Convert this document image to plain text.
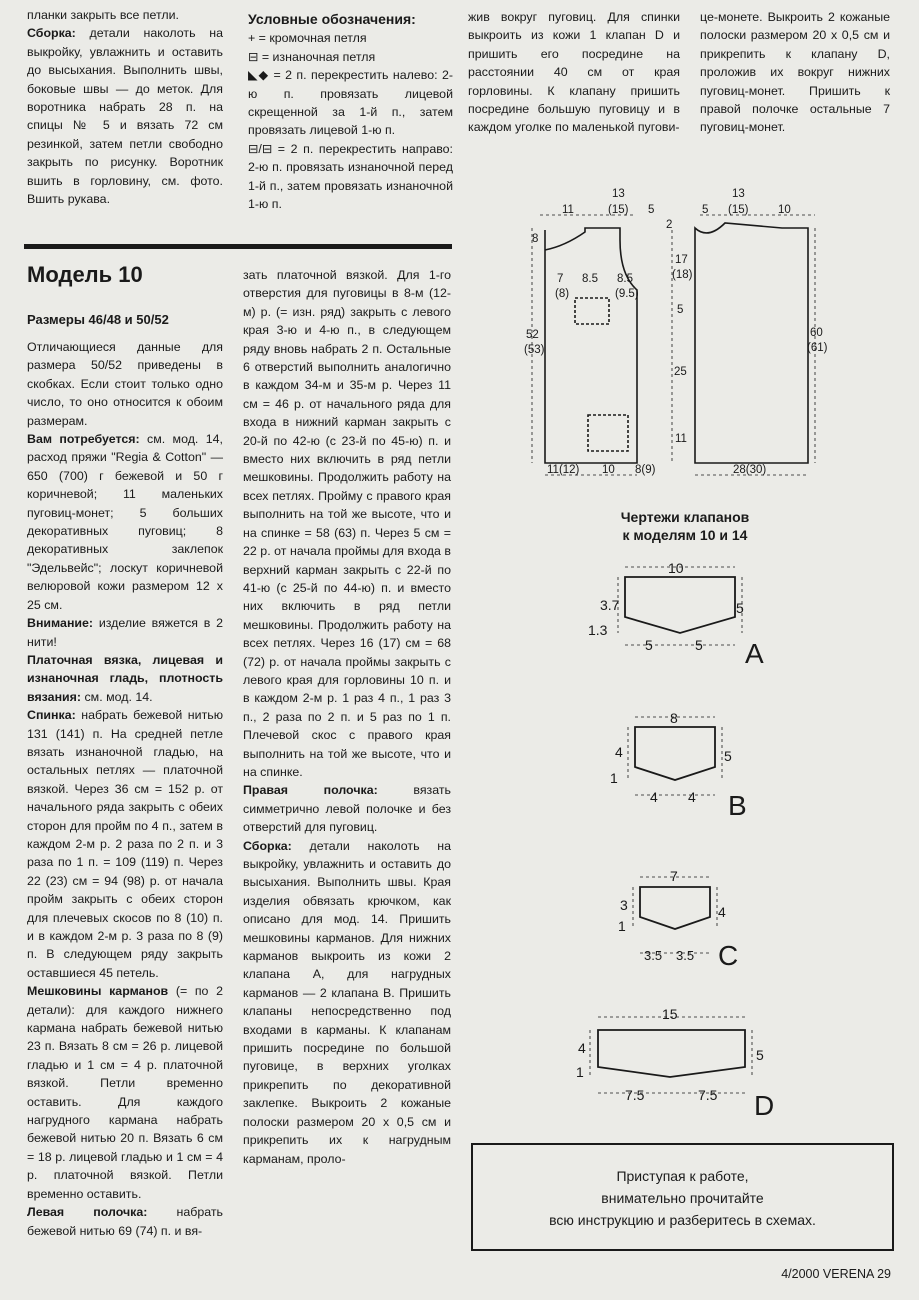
планки закрыть все петли.

Сборка: детали наколоть на выкройку, увлажнить и оставить до высыхания. Выполнить швы, боковые швы — до меток. Для воротника набрать 28 п. на спицы № 5 и вязать 72 см резинкой, затем петли свободно закрыть по рисунку. Воротник вшить в горловину, см. фото. Вшить рукава.

Условные обозначения:

+ = кромочная петля

⊟ = изнаночная петля

◣◆ = 2 п. перекрестить налево: 2-ю п. провязать лицевой скрещенной за 1-й п., затем провязать лицевой 1-ю п.

⊟/⊟ = 2 п. перекрестить направо: 2-ю п. провязать изнаночной перед 1-й п., затем провязать изнаночной 1-ю п.

жив вокруг пуговиц. Для спинки выкроить из кожи 1 клапан D и пришить его посредине на расстоянии 40 см от края горловины. К клапану пришить посредине большую пуговицу и в каждом уголке по маленькой пугови-

це-монете. Выкроить 2 кожаные полоски размером 20 х 0,5 см и прикрепить к клапану D, проложив их вокруг нижних пуговиц-монет. Пришить к правой полочке остальные 7 пуговиц-монет.

Модель 10
Размеры 46/48 и 50/52

Отличающиеся данные для размера 50/52 приведены в скобках. Если стоит только одно число, то оно относится к обоим размерам.

Вам потребуется: см. мод. 14, расход пряжи "Regia & Cotton" — 650 (700) г бежевой и 50 г коричневой; 11 маленьких пуговиц-монет; 5 больших декоративных пуговиц; 8 декоративных заклепок "Эдельвейс"; лоскут коричневой велюровой кожи размером 12 х 25 см.

Внимание: изделие вяжется в 2 нити!

Платочная вязка, лицевая и изнаночная гладь, плотность вязания: см. мод. 14.

Спинка: набрать бежевой нитью 131 (141) п. На средней петле вязать изнаночной гладью, на остальных петлях — платочной вязкой. Через 36 см = 152 р. от начального ряда закрыть с обеих сторон для пройм по 4 п., затем в каждом 2-м р. 2 раза по 2 п. и 3 раза по 1 п. = 109 (119) п. Через 22 (23) см = 94 (98) р. от начала пройм закрыть с обеих сторон для плечевых скосов по 8 (10) п. и в каждом 2-м р. 3 раза по 8 (9) п. В следующем ряду закрыть оставшиеся 45 петель.

Мешковины карманов (= по 2 детали): для каждого нижнего кармана набрать бежевой нитью 23 п. Вязать 8 см = 26 р. лицевой гладью и 1 см = 4 р. платочной вязкой. Петли временно оставить. Для каждого нагрудного кармана набрать бежевой нитью 20 п. Вязать 6 см = 18 р. лицевой гладью и 1 см = 4 р. платочной вязкой. Петли временно оставить.

Левая полочка: набрать бежевой нитью 69 (74) п. и вя-

зать платочной вязкой. Для 1-го отверстия для пуговицы в 8-м (12-м) р. (= изн. ряд) закрыть с левого края 3-ю и 4-ю п., в следующем ряду вновь набрать 2 п. Остальные 6 отверстий выполнить аналогично в каждом 34-м и 35-м р. Через 11 см = 46 р. от начального ряда для входа в нижний карман закрыть с 20-й по 42-ю (с 23-й по 45-ю) п. и вместо них включить в ряд петли мешковины. Продолжить работу на всех петлях. Пройму с правого края выполнить на той же высоте, что и на спинке = 58 (63) п. Через 5 см = 22 р. от начала проймы для входа в верхний карман закрыть с 22-й по 41-ю (с 25-й по 44-ю) п. и вместо них включить в ряд петли мешковины. Продолжить работу на всех петлях. Через 16 (17) см = 68 (72) р. от начала проймы закрыть с левого края для горловины 10 п. и в каждом 2-м р. 1 раз 4 п., 1 раз 3 п., 2 раза по 2 п. и 5 раз по 1 п. Плечевой скос с правого края выполнить на той же высоте, что и на спинке.

Правая полочка: вязать симметрично левой полочке и без отверстий для пуговиц.

Сборка: детали наколоть на выкройку, увлажнить и оставить до высыхания. Выполнить швы. Края изделия обвязать крючком, как описано для мод. 14. Пришить мешковины карманов. Для нижних карманов выкроить из кожи 2 клапана А, для нагрудных карманов — 2 клапана В. Пришить клапаны непосредственно под входами в карманы. К клапанам пришить посредине по большой пуговице, в верхних уголках прикрепить по декоративной заклепке. Выкроить 2 кожаные полоски размером 20 х 0,5 см и прикрепить их к нагрудным карманам, проло-

11
13
(15) 5	5
13
(15)	10
8
52
(53)
7
(8)
8.5 8.5
(9.5)
2
17
(18)
5
25
11
60
(61)
11(12) 10 8(9)	28(30)
Чертежи клапанов
к моделям 10 и 14
10
3.7
1.3
5
5	5 A
8
4
1
5
4 4 B
7
3
1
4
3.5 3.5 C
15
4
1
5
7.5	7.5 D
Приступая к работе,
внимательно прочитайте
всю инструкцию и разберитесь в схемах.
4/2000 VERENA 29
